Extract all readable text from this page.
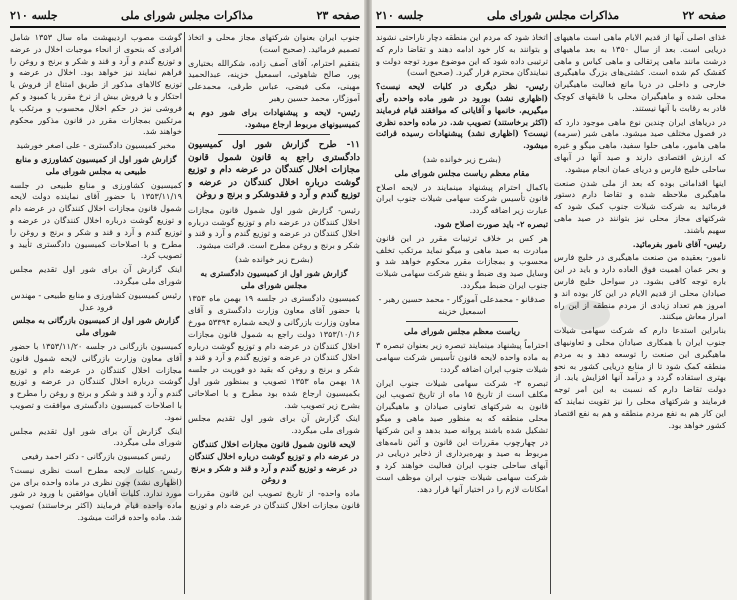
صفحه ۲۳
مذاکرات مجلس شورای ملی
جلسه ۲۱۰

جنوب ایران بعنوان شرکتهای مجاز محلی و اتخاذ تصمیم فرمائید. (صحیح است)

بتفقیم احترام، آقای آصف زاده، شکرالله بختیاری پور، صالح شاهوئی، اسمعیل خزینه، عبدالحمید مهینی، مکی فیضی، عباس طرقی، محمدعلی آموزگار، محمد حسین رهبر

رئیس- لایحه و پیشنهادات برای شور دوم به کمیسیونهای مربوط ارجاع میشود.

۱۱- طرح گزارش شور اول کمیسیون دادگستری راجع به قانون شمول قانون مجازات اخلال کنندگان در عرضه دام و توزیع گوشت درباره اخلال کنندگان در عرضه و توزیع گندم و آرد و فقدوشکر و برنج و روغن

رئیس- گزارش شور اول شمول قانون مجازات اخلال کنندگان در عرضه دام و توزیع گوشت درباره اخلال کنندگان در عرضه و توزیع گندم و آرد و قند و شکر و برنج و روغن مطرح است. قرائت میشود.

(بشرح زیر خوانده شد)

گزارش شور اول از کمیسیون دادگستری به مجلس شورای ملی

کمیسیون دادگستری در جلسه ۱۹ بهمن ماه ۱۳۵۳ با حضور آقای معاون وزارت دادگستری و آقای معاون وزارت بازرگانی و لایحه شماره ۵۳۳۹۴ مورخ ۱۳۵۳/۱۰/۱۶ دولت راجع به شمول قانون مجازات اخلال کنندگان در عرضه دام و توزیع گوشت درباره اخلال کنندگان در عرضه و توزیع گندم و آرد و قند و شکر و برنج و روغن که بقید دو فوریت در جلسه ۱۸ بهمن ماه ۱۳۵۳ تصویب و بمنظور شور اول بکمیسیون ارجاع شده بود مطرح و با اصلاحاتی بشرح زیر تصویب شد.

اینک گزارش آن برای شور اول تقدیم مجلس شورای ملی میگردد.

لایحه قانون شمول قانون مجازات اخلال کنندگان در عرضه دام و توزیع گوشت درباره اخلال کنندگان در عرضه و توزیع گندم و آرد و قند و شکر و برنج و روغن

ماده واحده- از تاریخ تصویب این قانون مقررات قانون مجازات اخلال کنندگان در عرضه دام و توزیع

گوشت مصوب اردیبهشت ماه سال ۱۳۵۳ شامل افرادی که بنحوی از انحاء موجبات اخلال در عرضه و توزیع گندم و آرد و قند و شکر و برنج و روغن را فراهم نمایند نیز خواهد بود. اخلال در عرضه و توزیع کالاهای مذکور از طریق امتناع از فروش یا احتکار و یا فروش بیش از نرخ مقرر یا کمبود و کم فروشی نیز در حکم اخلال محسوب و مرتکب یا مرتکبین بمجازات مقرر در قانون مذکور محکوم خواهند شد.

مخبر کمیسیون دادگستری - علی اصغر خورشید

گزارش شور اول از کمیسیون کشاورزی و منابع طبیعی به مجلس شورای ملی

کمیسیون کشاورزی و منابع طبیعی در جلسه ۱۳۵۳/۱۱/۱۹ با حضور آقای نماینده دولت لایحه شمول قانون مجازات اخلال کنندگان در عرضه دام و توزیع گوشت درباره اخلال کنندگان در عرضه و توزیع گندم و آرد و قند و شکر و برنج و روغن را مطرح و با اصلاحات کمیسیون دادگستری تأیید و تصویب کرد.

اینک گزارش آن برای شور اول تقدیم مجلس شورای ملی میگردد.

رئیس کمیسیون کشاورزی و منابع طبیعی - مهندس فرود عدل

گزارش شور اول از کمیسیون بازرگانی به مجلس شورای ملی

کمیسیون بازرگانی در جلسه ۱۳۵۳/۱۱/۲۰ با حضور آقای معاون وزارت بازرگانی لایحه شمول قانون مجازات اخلال کنندگان در عرضه دام و توزیع گوشت درباره اخلال کنندگان در عرضه و توزیع گندم و آرد و قند و شکر و برنج و روغن را مطرح و با اصلاحات کمیسیون دادگستری موافقت و تصویب نمود.

اینک گزارش آن برای شور اول تقدیم مجلس شورای ملی میگردد.

رئیس کمیسیون بازرگانی - دکتر احمد رفیعی

رئیس- کلیات لایحه مطرح است نظری نیست؟ (اظهاری نشد) چون نظری در ماده واحده برای من مورد ندارد. کلیات آقایان موافقین با ورود در شور ماده واحده قیام فرمایند (اکثر برخاستند) تصویب شد. ماده واحده قرائت میشود.

صفحه ۲۲
مذاکرات مجلس شورای ملی
جلسه ۲۱۰

غذای اصلی آنها از قدیم الایام ماهی است ماهیهای دریایی است. بعد از سال ۱۳۵۰ به بعد ماهیهای درشت مانند ماهی پرتقالی و ماهی کیاس و ماهی کفشک کم شده است. کشتی‌های بزرگ ماهیگیری خارجی و داخلی در دریا مانع فعالیت ماهیگیران محلی شده و ماهیگیران محلی با قایقهای کوچک قادر به رقابت با آنها نیستند.

در دریاهای ایران چندین نوع ماهی موجود دارد که در فصول مختلف صید میشود. ماهی شیر (سرمه) ماهی هامور، ماهی حلوا سفید، ماهی میگو و غیره که ارزش اقتصادی دارند و صید آنها در آبهای ساحلی خلیج فارس و دریای عمان انجام میشود.

اینها اقداماتی بوده که بعد از ملی شدن صنعت ماهیگیری ملاحظه شده و تقاضا دارم دستور فرمائید به شرکت شیلات جنوب کمک شود که شرکتهای مجاز محلی نیز بتوانند در صید ماهی سهیم باشند.

رئیس- آقای نامور بفرمائید.

نامور- بعقیده من صنعت ماهیگیری در خلیج فارس و بحر عمان اهمیت فوق العاده دارد و باید در این باره توجه کافی بشود. در سواحل خلیج فارس صیادان محلی از قدیم الایام در این کار بوده اند و امروز هم تعداد زیادی از مردم منطقه از این راه امرار معاش میکنند.

بنابراین استدعا دارم که شرکت سهامی شیلات جنوب ایران با همکاری صیادان محلی و تعاونیهای ماهیگیری این صنعت را توسعه دهد و به مردم منطقه کمک شود تا از منابع دریایی کشور به نحو بهتری استفاده گردد و درآمد آنها افزایش یابد. از دولت تقاضا دارم که نسبت به این امر توجه فرمایند و شرکتهای محلی را نیز تقویت نمایند که این کار هم به نفع مردم منطقه و هم به نفع اقتصاد کشور خواهد بود.

اتخاذ شود که مردم این منطقه دچار ناراحتی نشوند و بتوانند به کار خود ادامه دهند و تقاضا دارم که ترتیبی داده شود که این موضوع مورد توجه دولت و نمایندگان محترم قرار گیرد. (صحیح است)

رئیس- نظر دیگری در کلیات لایحه نیست؟ (اظهاری نشد) بورود در شور ماده واحده رأی میگیریم. خانمها و آقایانی که موافقند قیام فرمایند (اکثر برخاستند) تصویب شد. در ماده واحده نظری نیست؟ (اظهاری نشد) پیشنهادات رسیده قرائت میشود.

(بشرح زیر خوانده شد)

مقام معظم ریاست مجلس شورای ملی

باکمال احترام پیشنهاد مینمایند در لایحه اصلاح قانون تأسیس شرکت سهامی شیلات جنوب ایران عبارت زیر اضافه گردد.

تبصره ۲- باید صورت اصلاح شود.

هر کس بر خلاف ترتیبات مقرر در این قانون مبادرت به صید ماهی و میگو نماید مرتکب تخلف محسوب و بمجازات مقرر محکوم خواهد شد و وسایل صید وی ضبط و بنفع شرکت سهامی شیلات جنوب ایران ضبط میگردد.

صدقانو - محمدعلی آموزگار - محمد حسین رهبر - اسمعیل خزینه

ریاست معظم مجلس شورای ملی

احتراماً پیشنهاد مینمایند تبصره زیر بعنوان تبصره ۳ به ماده واحده لایحه قانون تأسیس شرکت سهامی شیلات جنوب ایران اضافه گردد:

تبصره ۳- شرکت سهامی شیلات جنوب ایران مکلف است از تاریخ ۱۵ ماه از تاریخ تصویب این قانون به شرکتهای تعاونی صیادان و ماهیگیران محلی منطقه که به منظور صید ماهی و میگو تشکیل شده باشند پروانه صید بدهد و این شرکتها در چهارچوب مقررات این قانون و آئین نامه‌های مربوط به صید و بهره‌برداری از ذخایر دریایی در آبهای ساحلی جنوب ایران فعالیت خواهند کرد و شرکت سهامی شیلات جنوب ایران موظف است امکانات لازم را در اختیار آنها قرار دهد.
